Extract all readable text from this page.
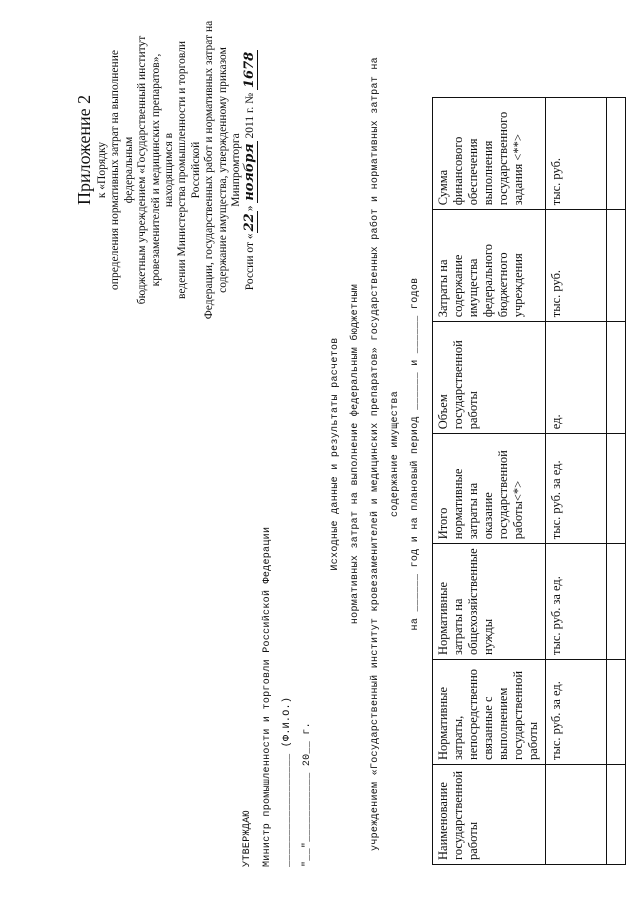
Приложение 2 к «Порядку определения нормативных затрат на выполнение федеральным бюджетным учреждением «Государственный институт кровезаменителей и медицинских препаратов», находящимся в ведении Министерства промышленности и торговли Российской Федерации, государственных работ и нормативных затрат на содержание имущества, утвержденному приказом Минпромторга
России от «22» ноября 2011 г. № 1678
УТВЕРЖДАЮ Министр промышленности и торговли Российской Федерации __________________ (Ф.И.О.) "__"___________ 20__ г.
Исходные данные и результаты расчетов нормативных затрат на выполнение федеральным бюджетным учреждением «Государственный институт кровезаменителей и медицинских препаратов» государственных работ и нормативных затрат на содержание имущества на ______ год и на плановый период ______ и ______ годов
Наименование государственной работы	Нормативные затраты, непосредственно связанные с выполнением государственной работы	Нормативные затраты на общехозяйственные нужды	Итого нормативные затраты на оказание государственной работы<*>	Объем государственной работы	Затраты на содержание имущества федерального бюджетного учреждения	Сумма финансового обеспечения выполнения государственного задания <**>
	тыс. руб. за ед.	тыс. руб. за ед.	тыс. руб. за ед.	ед.	тыс. руб.	тыс. руб.
